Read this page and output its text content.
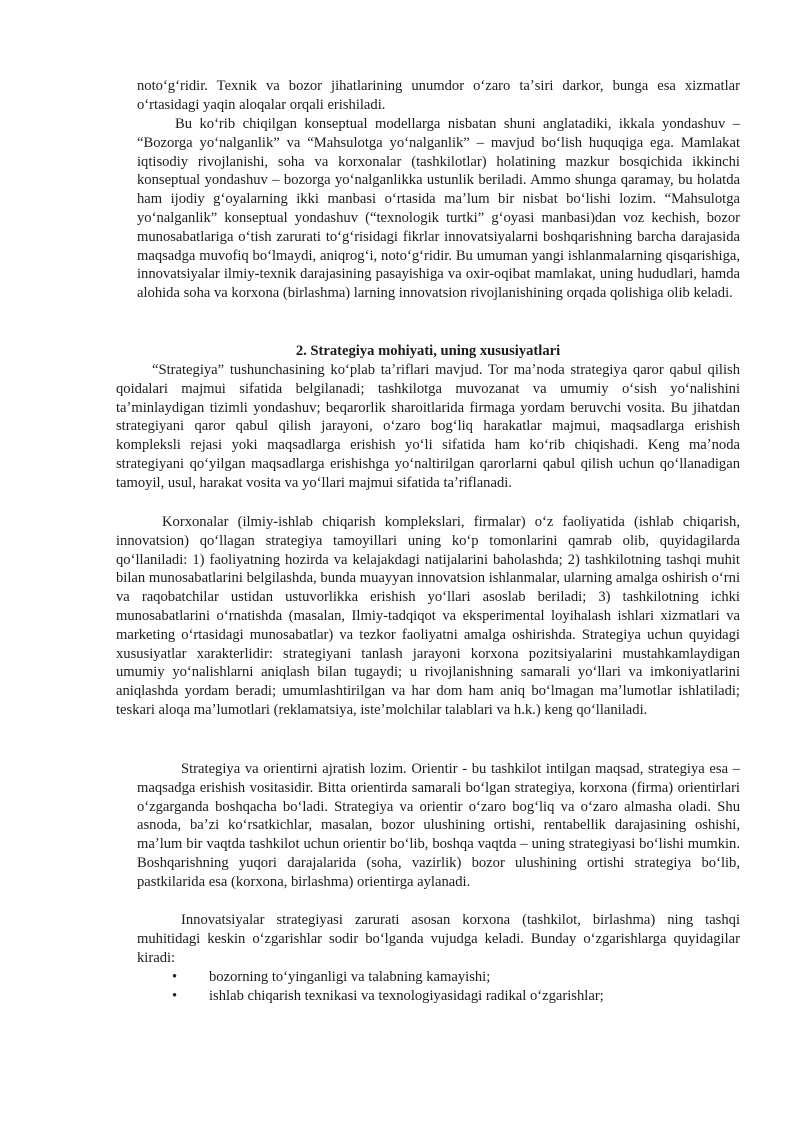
notoʻgʻridir. Texnik va bozor jihatlarining unumdor oʻzaro taʼsiri darkor, bunga esa xizmatlar oʻrtasidagi yaqin aloqalar orqali erishiladi.

Bu koʻrib chiqilgan konseptual modellarga nisbatan shuni anglatadiki, ikkala yondashuv – “Bozorga yoʻnalganlik” va “Mahsulotga yoʻnalganlik” – mavjud boʻlish huquqiga ega. Mamlakat iqtisodiy rivojlanishi, soha va korxonalar (tashkilotlar) holatining mazkur bosqichida ikkinchi konseptual yondashuv – bozorga yoʻnalganlikka ustunlik beriladi. Ammo shunga qaramay, bu holatda ham ijodiy gʻoyalarning ikki manbasi oʻrtasida maʼlum bir nisbat boʻlishi lozim. “Mahsulotga yoʻnalganlik” konseptual yondashuv (“texnologik turtki” gʻoyasi manbasi)dan voz kechish, bozor munosabatlariga oʻtish zarurati toʻgʻrisidagi fikrlar innovatsiyalarni boshqarishning barcha darajasida maqsadga muvofiq boʻlmaydi, aniqrogʻi, notoʻgʻridir. Bu umuman yangi ishlanmalarning qisqarishiga, innovatsiyalar ilmiy-texnik darajasining pasayishiga va oxir-oqibat mamlakat, uning hududlari, hamda alohida soha va korxona (birlashma) larning innovatsion rivojlanishining orqada qolishiga olib keladi.

2. Strategiya mohiyati, uning xususiyatlari

“Strategiya” tushunchasining koʻplab taʼriflari mavjud. Tor maʼnoda strategiya qaror qabul qilish qoidalari majmui sifatida belgilanadi; tashkilotga muvozanat va umumiy oʻsish yoʻnalishini taʼminlaydigan tizimli yondashuv; beqarorlik sharoitlarida firmaga yordam beruvchi vosita. Bu jihatdan strategiyani qaror qabul qilish jarayoni, oʻzaro bogʻliq harakatlar majmui, maqsadlarga erishish kompleksli rejasi yoki maqsadlarga erishish yoʻli sifatida ham koʻrib chiqishadi. Keng maʼnoda strategiyani qoʻyilgan maqsadlarga erishishga yoʻnaltirilgan qarorlarni qabul qilish uchun qoʻllanadigan tamoyil, usul, harakat vosita va yoʻllari majmui sifatida taʼriflanadi.

Korxonalar (ilmiy-ishlab chiqarish komplekslari, firmalar) oʻz faoliyatida (ishlab chiqarish, innovatsion) qoʻllagan strategiya tamoyillari uning koʻp tomonlarini qamrab olib, quyidagilarda qoʻllaniladi: 1) faoliyatning hozirda va kelajakdagi natijalarini baholashda; 2) tashkilotning tashqi muhit bilan munosabatlarini belgilashda, bunda muayyan innovatsion ishlanmalar, ularning amalga oshirish oʻrni va raqobatchilar ustidan ustuvorlikka erishish yoʻllari asoslab beriladi; 3) tashkilotning ichki munosabatlarini oʻrnatishda (masalan, Ilmiy-tadqiqot va eksperimental loyihalash ishlari xizmatlari va marketing oʻrtasidagi munosabatlar) va tezkor faoliyatni amalga oshirishda. Strategiya uchun quyidagi xususiyatlar xarakterlidir: strategiyani tanlash jarayoni korxona pozitsiyalarini mustahkamlaydigan umumiy yoʻnalishlarni aniqlash bilan tugaydi; u rivojlanishning samarali yoʻllari va imkoniyatlarini aniqlashda yordam beradi; umumlashtirilgan va har dom ham aniq boʻlmagan maʼlumotlar ishlatiladi; teskari aloqa maʼlumotlari (reklamatsiya, isteʼmolchilar talablari va h.k.) keng qoʻllaniladi.

Strategiya va orientirni ajratish lozim. Orientir - bu tashkilot intilgan maqsad, strategiya esa – maqsadga erishish vositasidir. Bitta orientirda samarali boʻlgan strategiya, korxona (firma) orientirlari oʻzgarganda boshqacha boʻladi. Strategiya va orientir oʻzaro bogʻliq va oʻzaro almasha oladi. Shu asnoda, baʼzi koʻrsatkichlar, masalan, bozor ulushining ortishi, rentabellik darajasining oshishi, maʼlum bir vaqtda tashkilot uchun orientir boʻlib, boshqa vaqtda – uning strategiyasi boʻlishi mumkin. Boshqarishning yuqori darajalarida (soha, vazirlik) bozor ulushining ortishi strategiya boʻlib, pastkilarida esa (korxona, birlashma) orientirga aylanadi.

Innovatsiyalar strategiyasi zarurati asosan korxona (tashkilot, birlashma) ning tashqi muhitidagi keskin oʻzgarishlar sodir boʻlganda vujudga keladi. Bunday oʻzgarishlarga quyidagilar kiradi:

• bozorning toʻyinganligi va talabning kamayishi;
• ishlab chiqarish texnikasi va texnologiyasidagi radikal oʻzgarishlar;
